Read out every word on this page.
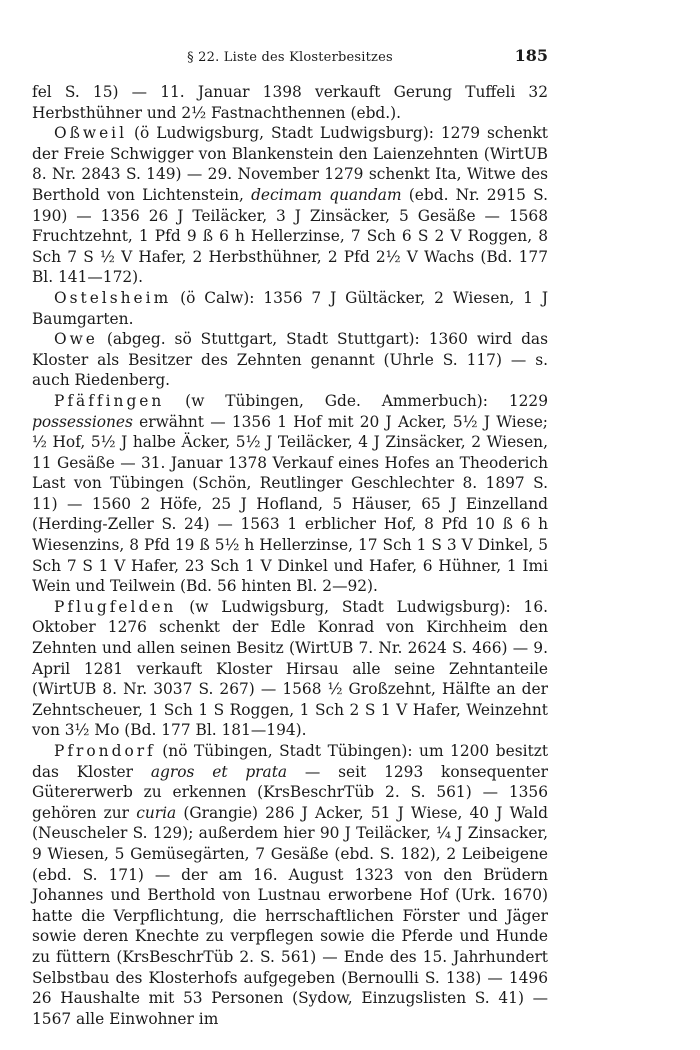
§ 22. Liste des Klosterbesitzes	185

fel S. 15) — 11. Januar 1398 verkauft Gerung Tuffeli 32 Herbsthühner und 2½ Fastnachthennen (ebd.).

Oßweil (ö Ludwigsburg, Stadt Ludwigsburg): 1279 schenkt der Freie Schwigger von Blankenstein den Laienzehnten (WirtUB 8. Nr. 2843 S. 149) — 29. November 1279 schenkt Ita, Witwe des Berthold von Lichtenstein, decimam quandam (ebd. Nr. 2915 S. 190) — 1356 26 J Teiläcker, 3 J Zinsäcker, 5 Gesäße — 1568 Fruchtzehnt, 1 Pfd 9 ß 6 h Hellerzinse, 7 Sch 6 S 2 V Roggen, 8 Sch 7 S ½ V Hafer, 2 Herbsthühner, 2 Pfd 2½ V Wachs (Bd. 177 Bl. 141—172).

Ostelsheim (ö Calw): 1356 7 J Gültäcker, 2 Wiesen, 1 J Baumgarten.

Owe (abgeg. sö Stuttgart, Stadt Stuttgart): 1360 wird das Kloster als Besitzer des Zehnten genannt (Uhrle S. 117) — s. auch Riedenberg.

Pfäffingen (w Tübingen, Gde. Ammerbuch): 1229 possessiones erwähnt — 1356 1 Hof mit 20 J Acker, 5½ J Wiese; ½ Hof, 5½ J halbe Äcker, 5½ J Teiläcker, 4 J Zinsäcker, 2 Wiesen, 11 Gesäße — 31. Januar 1378 Verkauf eines Hofes an Theoderich Last von Tübingen (Schön, Reutlinger Geschlechter 8. 1897 S. 11) — 1560 2 Höfe, 25 J Hofland, 5 Häuser, 65 J Einzelland (Herding-Zeller S. 24) — 1563 1 erblicher Hof, 8 Pfd 10 ß 6 h Wiesenzins, 8 Pfd 19 ß 5½ h Hellerzinse, 17 Sch 1 S 3 V Dinkel, 5 Sch 7 S 1 V Hafer, 23 Sch 1 V Dinkel und Hafer, 6 Hühner, 1 Imi Wein und Teilwein (Bd. 56 hinten Bl. 2—92).

Pflugfelden (w Ludwigsburg, Stadt Ludwigsburg): 16. Oktober 1276 schenkt der Edle Konrad von Kirchheim den Zehnten und allen seinen Besitz (WirtUB 7. Nr. 2624 S. 466) — 9. April 1281 verkauft Kloster Hirsau alle seine Zehntanteile (WirtUB 8. Nr. 3037 S. 267) — 1568 ½ Großzehnt, Hälfte an der Zehntscheuer, 1 Sch 1 S Roggen, 1 Sch 2 S 1 V Hafer, Weinzehnt von 3½ Mo (Bd. 177 Bl. 181—194).

Pfrondorf (nö Tübingen, Stadt Tübingen): um 1200 besitzt das Kloster agros et prata — seit 1293 konsequenter Gütererwerb zu erkennen (KrsBeschrTüb 2. S. 561) — 1356 gehören zur curia (Grangie) 286 J Acker, 51 J Wiese, 40 J Wald (Neuscheler S. 129); außerdem hier 90 J Teiläcker, ¼ J Zinsacker, 9 Wiesen, 5 Gemüsegärten, 7 Gesäße (ebd. S. 182), 2 Leibeigene (ebd. S. 171) — der am 16. August 1323 von den Brüdern Johannes und Berthold von Lustnau erworbene Hof (Urk. 1670) hatte die Verpflichtung, die herrschaftlichen Förster und Jäger sowie deren Knechte zu verpflegen sowie die Pferde und Hunde zu füttern (KrsBeschrTüb 2. S. 561) — Ende des 15. Jahrhundert Selbstbau des Klosterhofs aufgegeben (Bernoulli S. 138) — 1496 26 Haushalte mit 53 Personen (Sydow, Einzugslisten S. 41) — 1567 alle Einwohner im
